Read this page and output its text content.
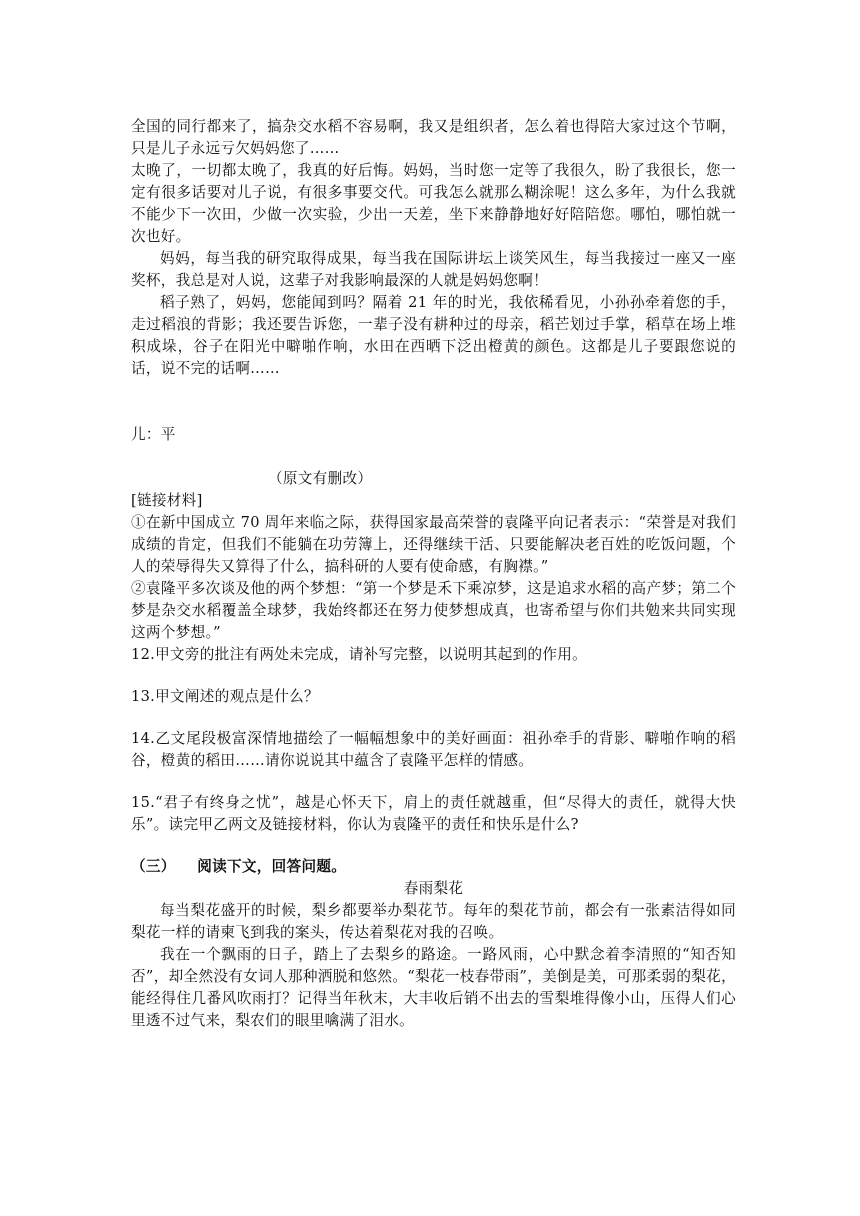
全国的同行都来了，搞杂交水稻不容易啊，我又是组织者，怎么着也得陪大家过这个节啊，只是儿子永远亏欠妈妈您了……

太晚了，一切都太晚了，我真的好后悔。妈妈，当时您一定等了我很久，盼了我很长，您一定有很多话要对儿子说，有很多事要交代。可我怎么就那么糊涂呢！这么多年，为什么我就不能少下一次田，少做一次实验，少出一天差，坐下来静静地好好陪陪您。哪怕，哪怕就一次也好。

妈妈，每当我的研究取得成果，每当我在国际讲坛上谈笑风生，每当我接过一座又一座奖杯，我总是对人说，这辈子对我影响最深的人就是妈妈您啊！

稻子熟了，妈妈，您能闻到吗？隔着 21 年的时光，我依稀看见，小孙孙牵着您的手，走过稻浪的背影；我还要告诉您，一辈子没有耕种过的母亲，稻芒划过手掌，稻草在场上堆积成垛，谷子在阳光中噼啪作响，水田在西晒下泛出橙黄的颜色。这都是儿子要跟您说的话，说不完的话啊……

儿：平

（原文有删改）

[链接材料]

①在新中国成立 70 周年来临之际，获得国家最高荣誉的袁隆平向记者表示：“荣誉是对我们成绩的肯定，但我们不能躺在功劳簿上，还得继续干活、只要能解决老百姓的吃饭问题，个人的荣辱得失又算得了什么，搞科研的人要有使命感，有胸襟。”

②袁隆平多次谈及他的两个梦想：“第一个梦是禾下乘凉梦，这是追求水稻的高产梦；第二个梦是杂交水稻覆盖全球梦，我始终都还在努力使梦想成真，也寄希望与你们共勉来共同实现这两个梦想。”

12.甲文旁的批注有两处未完成，请补写完整，以说明其起到的作用。

13.甲文阐述的观点是什么？

14.乙文尾段极富深情地描绘了一幅幅想象中的美好画面：祖孙牵手的背影、噼啪作响的稻谷，橙黄的稻田……请你说说其中蕴含了袁隆平怎样的情感。

15.“君子有终身之忧”，越是心怀天下，肩上的责任就越重，但“尽得大的责任，就得大快乐”。读完甲乙两文及链接材料，你认为袁隆平的责任和快乐是什么?

（三）    阅读下文，回答问题。

春雨梨花

每当梨花盛开的时候，梨乡都要举办梨花节。每年的梨花节前，都会有一张素洁得如同梨花一样的请柬飞到我的案头，传达着梨花对我的召唤。

我在一个飘雨的日子，踏上了去梨乡的路途。一路风雨，心中默念着李清照的“知否知否”，却全然没有女词人那种洒脱和悠然。“梨花一枝春带雨”，美倒是美，可那柔弱的梨花，能经得住几番风吹雨打？记得当年秋末，大丰收后销不出去的雪梨堆得像小山，压得人们心里透不过气来，梨农们的眼里噙满了泪水。
